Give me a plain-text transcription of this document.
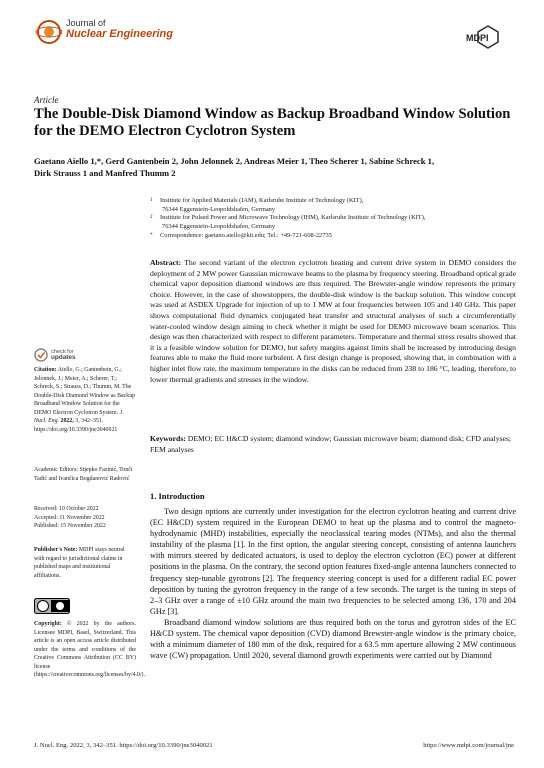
Journal of
Nuclear Engineering	MDPI
Article
The Double-Disk Diamond Window as Backup Broadband Window Solution for the DEMO Electron Cyclotron System
Gaetano Aiello 1,*, Gerd Gantenbein 2, John Jelonnek 2, Andreas Meier 1, Theo Scherer 1, Sabine Schreck 1,
Dirk Strauss 1 and Manfred Thumm 2
1	Institute for Applied Materials (IAM), Karlsruhe Institute of Technology (KIT),
76344 Eggenstein-Leopoldshafen, Germany
2	Institute for Pulsed Power and Microwave Technology (IHM), Karlsruhe Institute of Technology (KIT),
76344 Eggenstein-Leopoldshafen, Germany
*	Correspondence: gaetano.aiello@kit.edu; Tel.: +49-721-608-22735
Abstract: The second variant of the electron cyclotron heating and current drive system in DEMO considers the deployment of 2 MW power Gaussian microwave beams to the plasma by frequency steering. Broadband optical grade chemical vapor deposition diamond windows are thus required. The Brewster-angle window represents the primary choice. However, in the case of showstoppers, the double-disk window is the backup solution. This window concept was used at ASDEX Upgrade for injection of up to 1 MW at four frequencies between 105 and 140 GHz. This paper shows computational fluid dynamics conjugated heat transfer and structural analyses of such a circumferentially water-cooled window design aiming to check whether it might be used for DEMO microwave beam scenarios. This design was then characterized with respect to different parameters. Temperature and thermal stress results showed that it is a feasible window solution for DEMO, but safety margins against limits shall be increased by introducing design features able to make the fluid more turbulent. A first design change is proposed, showing that, in combination with a higher inlet flow rate, the maximum temperature in the disks can be reduced from 238 to 186 °C, leading, therefore, to lower thermal gradients and stresses in the window.
Keywords: DEMO; EC H&CD system; diamond window; Gaussian microwave beam; diamond disk; CFD analyses; FEM analyses
check for
updates
Citation: Aiello, G.; Gantenbein, G.; Jelonnek, J.; Meier, A.; Scherer, T.; Schreck, S.; Strauss, D.; Thumm, M. The Double-Disk Diamond Window as Backup Broadband Window Solution for the DEMO Electron Cyclotron System. J. Nucl. Eng. 2022, 3, 342–351. https://doi.org/10.3390/jne3040021
Academic Editors: Stjepko Fazinić, Tonči Tadić and Ivančica Bogdanović Radović
Received: 10 October 2022
Accepted: 11 November 2022
Published: 15 November 2022
Publisher's Note: MDPI stays neutral with regard to jurisdictional claims in published maps and institutional affiliations.
Copyright: © 2022 by the authors. Licensee MDPI, Basel, Switzerland. This article is an open access article distributed under the terms and conditions of the Creative Commons Attribution (CC BY) license (https://creativecommons.org/licenses/by/4.0/).
1. Introduction

Two design options are currently under investigation for the electron cyclotron heating and current drive (EC H&CD) system required in the European DEMO to heat up the plasma and to control the magneto-hydrodynamic (MHD) instabilities, especially the neoclassical tearing modes (NTMs), and also the thermal instability of the plasma [1]. In the first option, the angular steering concept, consisting of antenna launchers with mirrors steered by dedicated actuators, is used to deploy the electron cyclotron (EC) power at different positions in the plasma. On the contrary, the second option features fixed-angle antenna launchers connected to frequency step-tunable gyrotrons [2]. The frequency steering concept is used for a different radial EC power deposition by tuning the gyrotron frequency in the range of a few seconds. The target is the tuning in steps of 2–3 GHz over a range of ±10 GHz around the main two frequencies to be selected among 136, 170 and 204 GHz [3].

Broadband diamond window solutions are thus required both on the torus and gyrotron sides of the EC H&CD system. The chemical vapor deposition (CVD) diamond Brewster-angle window is the primary choice, with a minimum diameter of 180 mm of the disk, required for a 63.5 mm aperture allowing 2 MW continuous wave (CW) propagation. Until 2020, several diamond growth experiments were carried out by Diamond

J. Nucl. Eng. 2022, 3, 342–351. https://doi.org/10.3390/jne3040021	https://www.mdpi.com/journal/jne
